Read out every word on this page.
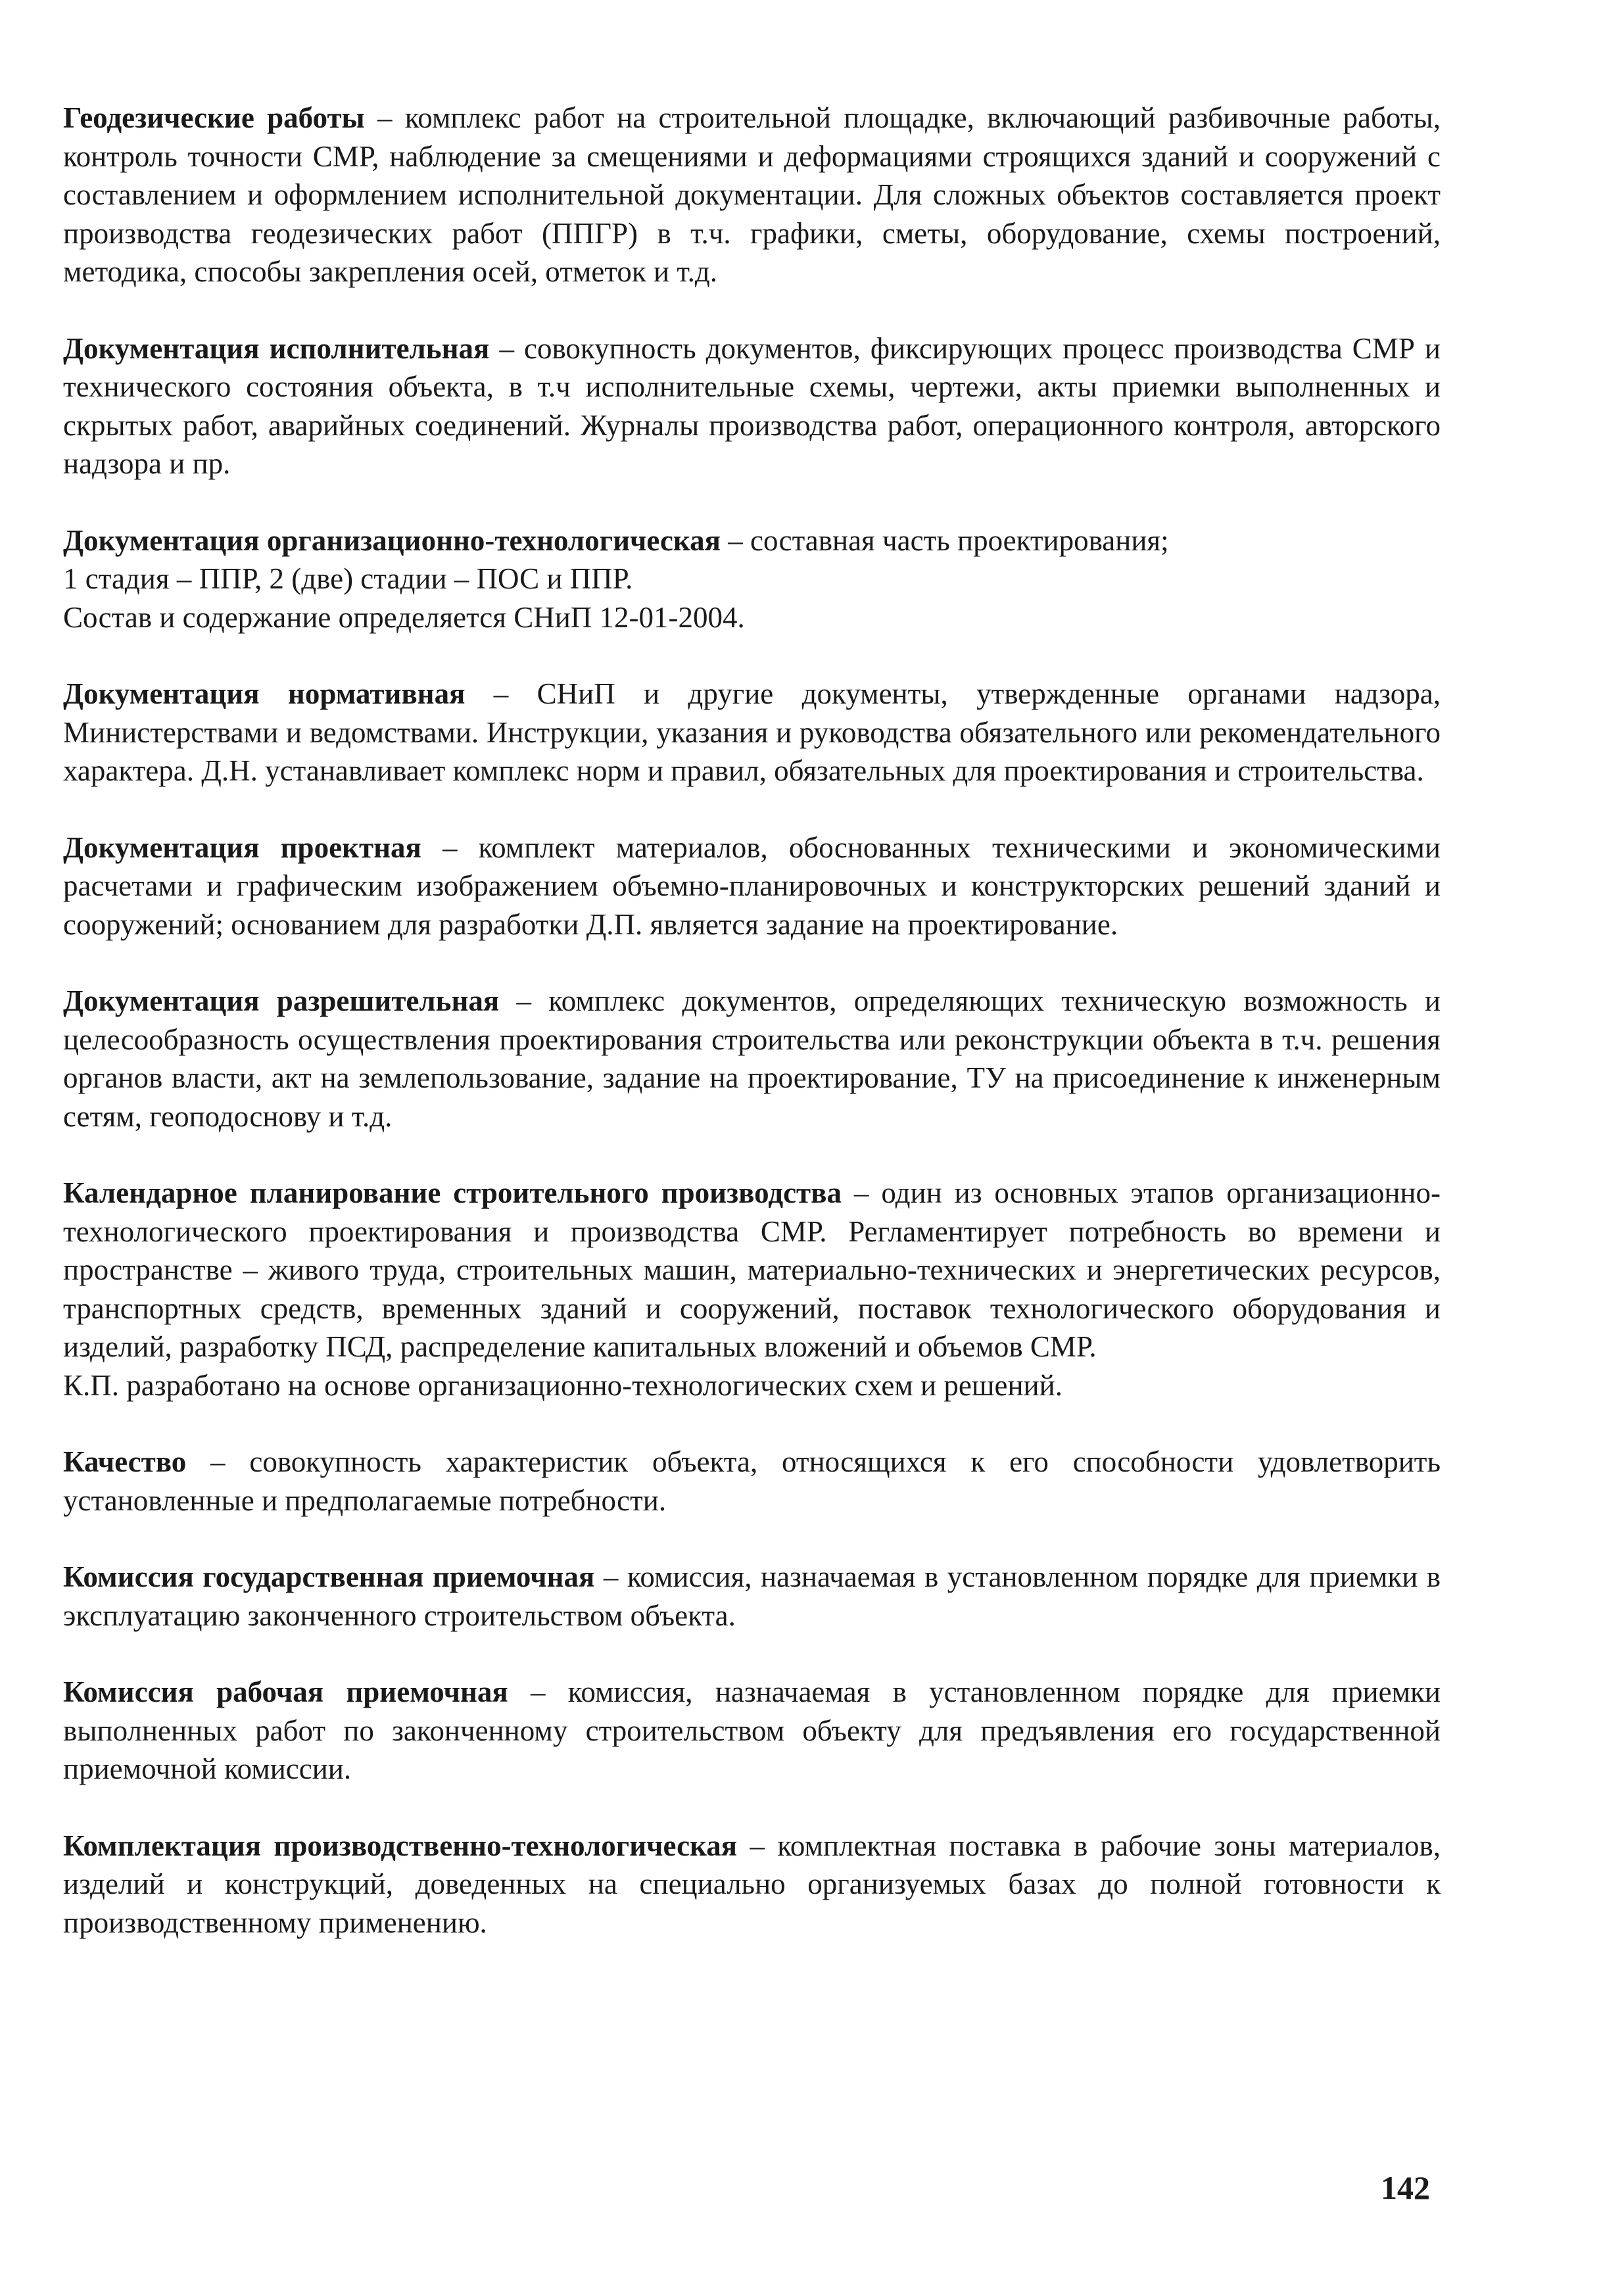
Геодезические работы – комплекс работ на строительной площадке, включающий разбивочные работы, контроль точности СМР, наблюдение за смещениями и деформациями строящихся зданий и сооружений с составлением и оформлением исполнительной документации. Для сложных объектов составляется проект производства геодезических работ (ППГР) в т.ч. графики, сметы, оборудование, схемы построений, методика, способы закрепления осей, отметок и т.д.

Документация исполнительная – совокупность документов, фиксирующих процесс производства СМР и технического состояния объекта, в т.ч исполнительные схемы, чертежи, акты приемки выполненных и скрытых работ, аварийных соединений. Журналы производства работ, операционного контроля, авторского надзора и пр.

Документация организационно-технологическая – составная часть проектирования;
1 стадия – ППР, 2 (две) стадии – ПОС и ППР.
Состав и содержание определяется СНиП 12-01-2004.

Документация нормативная – СНиП и другие документы, утвержденные органами надзора, Министерствами и ведомствами. Инструкции, указания и руководства обязательного или рекомендательного характера. Д.Н. устанавливает комплекс норм и правил, обязательных для проектирования и строительства.

Документация проектная – комплект материалов, обоснованных техническими и экономическими расчетами и графическим изображением объемно-планировочных и конструкторских решений зданий и сооружений; основанием для разработки Д.П. является задание на проектирование.

Документация разрешительная – комплекс документов, определяющих техническую возможность и целесообразность осуществления проектирования строительства или реконструкции объекта в т.ч. решения органов власти, акт на землепользование, задание на проектирование, ТУ на присоединение к инженерным сетям, геоподоснову и т.д.

Календарное планирование строительного производства – один из основных этапов организационно-технологического проектирования и производства СМР. Регламентирует потребность во времени и пространстве – живого труда, строительных машин, материально-технических и энергетических ресурсов, транспортных средств, временных зданий и сооружений, поставок технологического оборудования и изделий, разработку ПСД, распределение капитальных вложений и объемов СМР.
К.П. разработано на основе организационно-технологических схем и решений.

Качество – совокупность характеристик объекта, относящихся к его способности удовлетворить установленные и предполагаемые потребности.

Комиссия государственная приемочная – комиссия, назначаемая в установленном порядке для приемки в эксплуатацию законченного строительством объекта.

Комиссия рабочая приемочная – комиссия, назначаемая в установленном порядке для приемки выполненных работ по законченному строительством объекту для предъявления его государственной приемочной комиссии.

Комплектация производственно-технологическая – комплектная поставка в рабочие зоны материалов, изделий и конструкций, доведенных на специально организуемых базах до полной готовности к производственному применению.

142
